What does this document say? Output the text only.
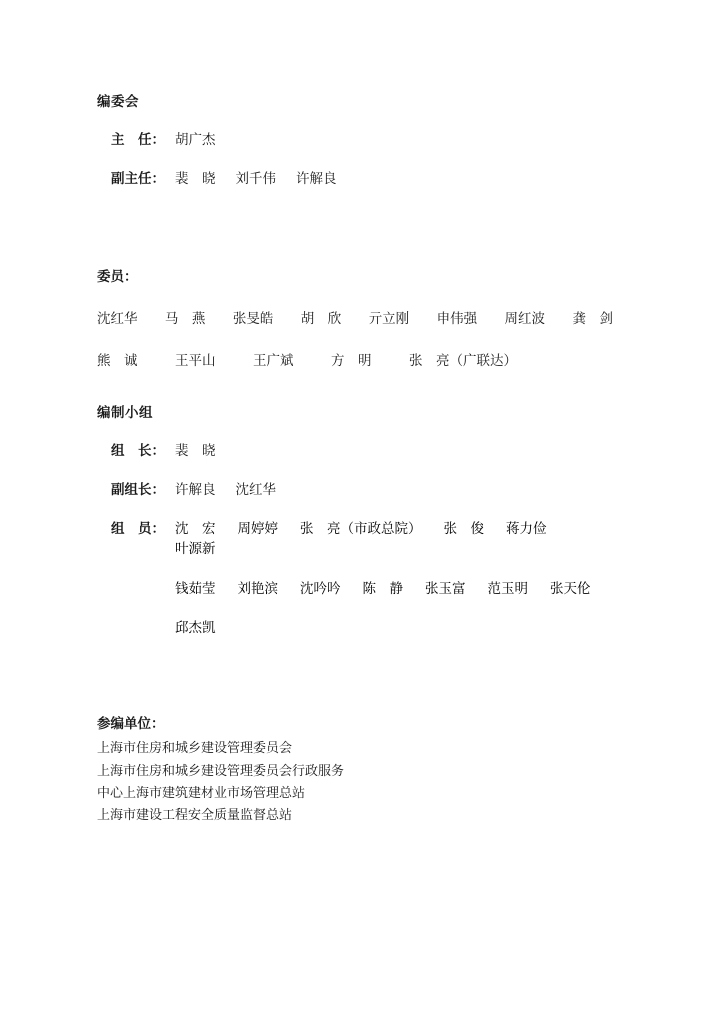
编委会
主　任： 胡广杰
副主任： 裴　晓 刘千伟 许解良
委员：
沈红华 马　燕 张旻皓 胡　欣 亓立刚 申伟强 周红波 龚　剑
熊　诚	王平山	王广斌	方　明	张　亮（广联达）
编制小组
组　长： 裴　晓
副组长： 许解良 沈红华
组　员： 沈　宏 周婷婷 张　亮（市政总院） 张　俊 蒋力俭
叶源新
钱茹莹 刘艳滨 沈吟吟 陈　静 张玉富 范玉明 张天伦
邱杰凯
参编单位：
上海市住房和城乡建设管理委员会
上海市住房和城乡建设管理委员会行政服务
中心上海市建筑建材业市场管理总站
上海市建设工程安全质量监督总站
